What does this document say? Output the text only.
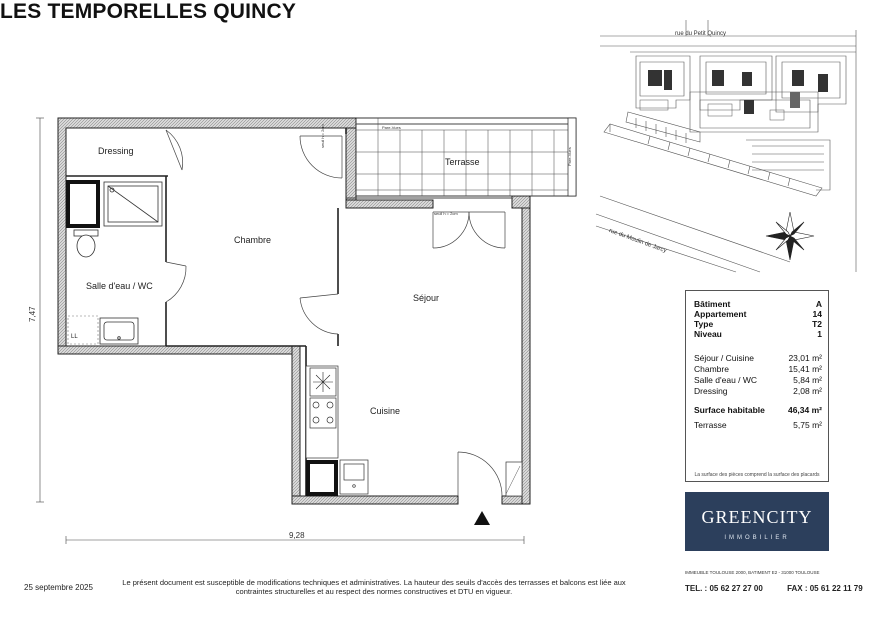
LES TEMPORELLES QUINCY
Dressing
Chambre
Salle d'eau / WC
Terrasse
Séjour
Cuisine
LL
seuil h = 2cm
seuil h = 2cm	Pare-Vues
Pare-Vues
9,28
7,47
rue du Petit Quincy
rue du Moulin de Jarcy
Bâtiment	A
Appartement	14
Type	T2
Niveau	1
Séjour / Cuisine	23,01 m²
Chambre	15,41 m²
Salle d'eau / WC	5,84 m²
Dressing	2,08 m²
Surface habitable	46,34 m²
Terrasse	5,75 m²
La surface des pièces comprend la surface des placards
GREENCITY
IMMOBILIER
IMMEUBLE TOULOUSE 2000, BATIMENT E2 - 31000 TOULOUSE
TEL. : 05 62 27 27 00	FAX : 05 61 22 11 79
25 septembre 2025
Le présent document est susceptible de modifications techniques et administratives. La hauteur des seuils d'accès des terrasses et balcons est liée aux contraintes structurelles et au respect des normes constructives et DTU en vigueur.
